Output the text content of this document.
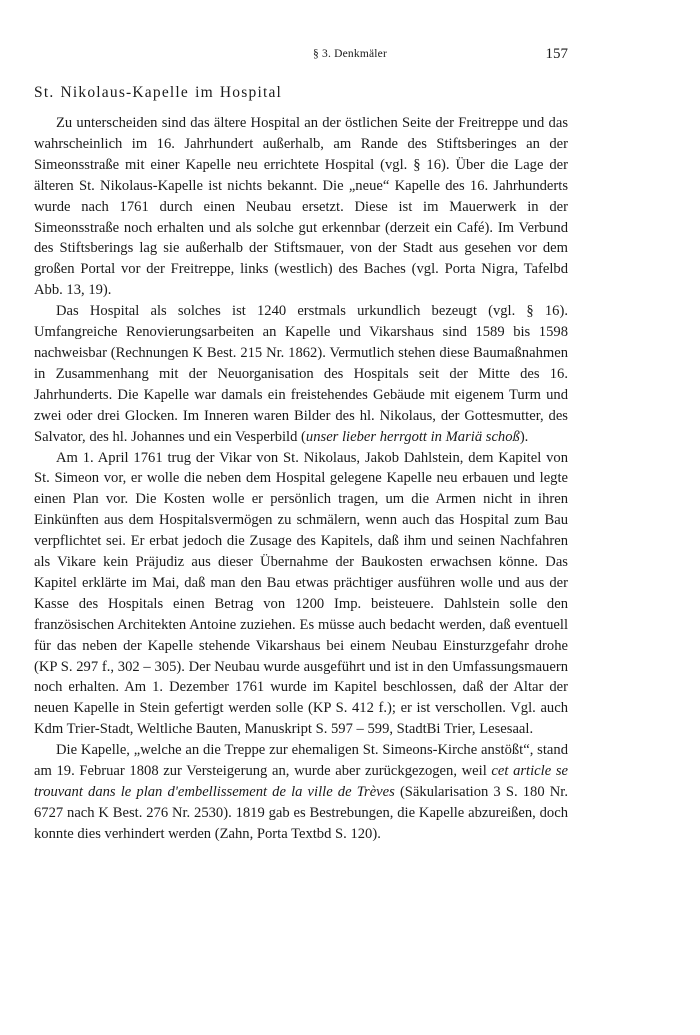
§ 3. Denkmäler	157
St. Nikolaus-Kapelle im Hospital

Zu unterscheiden sind das ältere Hospital an der östlichen Seite der Freitreppe und das wahrscheinlich im 16. Jahrhundert außerhalb, am Rande des Stiftsberinges an der Simeonsstraße mit einer Kapelle neu errichtete Hospital (vgl. § 16). Über die Lage der älteren St. Nikolaus-Kapelle ist nichts bekannt. Die „neue“ Kapelle des 16. Jahrhunderts wurde nach 1761 durch einen Neubau ersetzt. Diese ist im Mauerwerk in der Simeonsstraße noch erhalten und als solche gut erkennbar (derzeit ein Café). Im Verbund des Stiftsberings lag sie außerhalb der Stiftsmauer, von der Stadt aus gesehen vor dem großen Portal vor der Freitreppe, links (westlich) des Baches (vgl. Porta Nigra, Tafelbd Abb. 13, 19).

Das Hospital als solches ist 1240 erstmals urkundlich bezeugt (vgl. § 16). Umfangreiche Renovierungsarbeiten an Kapelle und Vikarshaus sind 1589 bis 1598 nachweisbar (Rechnungen K Best. 215 Nr. 1862). Vermutlich stehen diese Baumaßnahmen in Zusammenhang mit der Neuorganisation des Hospitals seit der Mitte des 16. Jahrhunderts. Die Kapelle war damals ein freistehendes Gebäude mit eigenem Turm und zwei oder drei Glocken. Im Inneren waren Bilder des hl. Nikolaus, der Gottesmutter, des Salvator, des hl. Johannes und ein Vesperbild (unser lieber herrgott in Mariä schoß).

Am 1. April 1761 trug der Vikar von St. Nikolaus, Jakob Dahlstein, dem Kapitel von St. Simeon vor, er wolle die neben dem Hospital gelegene Kapelle neu erbauen und legte einen Plan vor. Die Kosten wolle er persönlich tragen, um die Armen nicht in ihren Einkünften aus dem Hospitalsvermögen zu schmälern, wenn auch das Hospital zum Bau verpflichtet sei. Er erbat jedoch die Zusage des Kapitels, daß ihm und seinen Nachfahren als Vikare kein Präjudiz aus dieser Übernahme der Baukosten erwachsen könne. Das Kapitel erklärte im Mai, daß man den Bau etwas prächtiger ausführen wolle und aus der Kasse des Hospitals einen Betrag von 1200 Imp. beisteuere. Dahlstein solle den französischen Architekten Antoine zuziehen. Es müsse auch bedacht werden, daß eventuell für das neben der Kapelle stehende Vikarshaus bei einem Neubau Einsturzgefahr drohe (KP S. 297 f., 302 – 305). Der Neubau wurde ausgeführt und ist in den Umfassungsmauern noch erhalten. Am 1. Dezember 1761 wurde im Kapitel beschlossen, daß der Altar der neuen Kapelle in Stein gefertigt werden solle (KP S. 412 f.); er ist verschollen. Vgl. auch Kdm Trier-Stadt, Weltliche Bauten, Manuskript S. 597 – 599, StadtBi Trier, Lesesaal.

Die Kapelle, „welche an die Treppe zur ehemaligen St. Simeons-Kirche anstößt“, stand am 19. Februar 1808 zur Versteigerung an, wurde aber zurückgezogen, weil cet article se trouvant dans le plan d'embellissement de la ville de Trèves (Säkularisation 3 S. 180 Nr. 6727 nach K Best. 276 Nr. 2530). 1819 gab es Bestrebungen, die Kapelle abzureißen, doch konnte dies verhindert werden (Zahn, Porta Textbd S. 120).
